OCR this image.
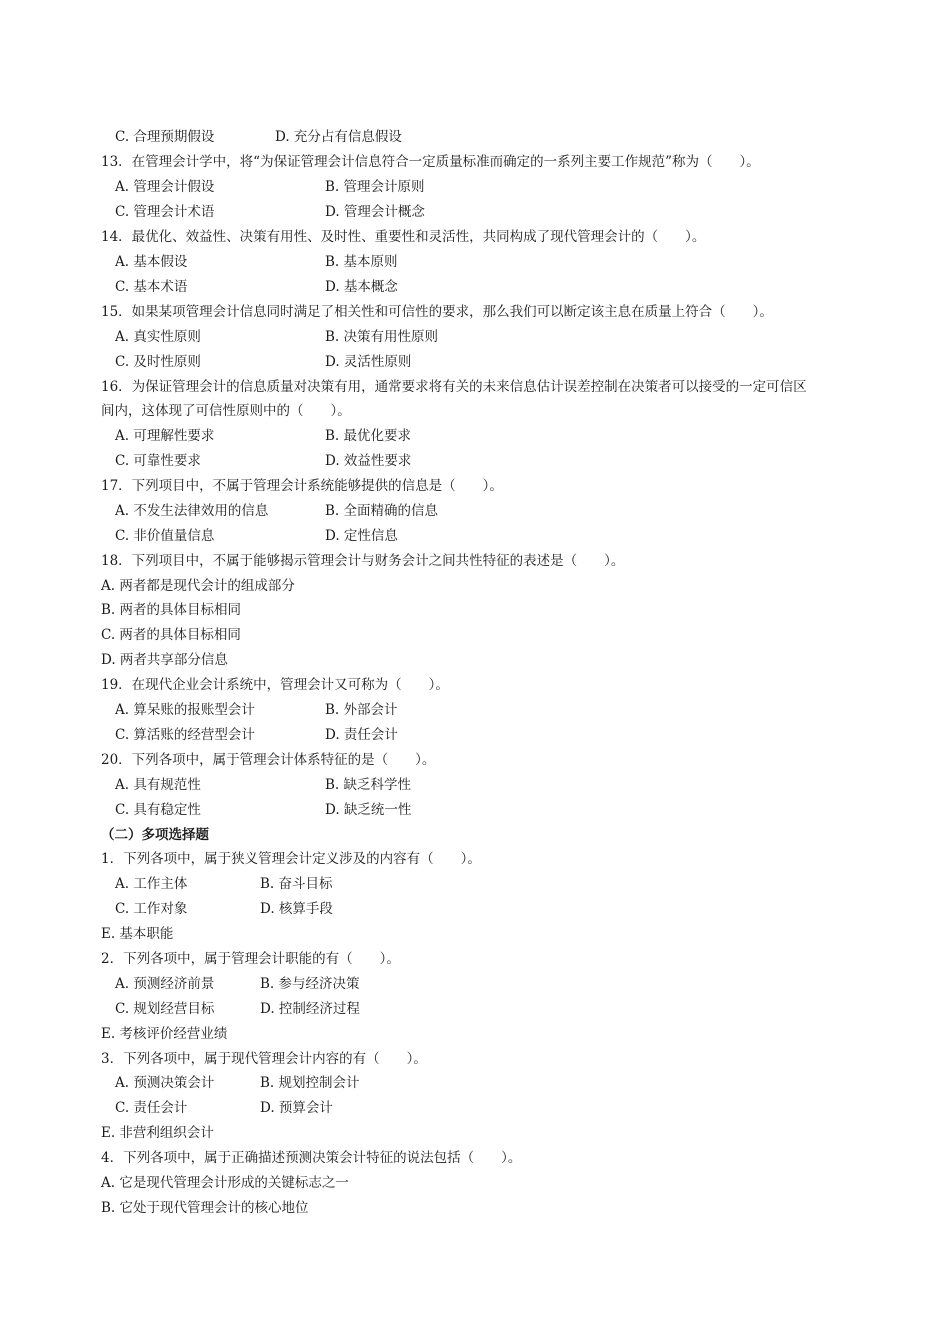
C. 合理预期假设	D. 充分占有信息假设
13．在管理会计学中，将“为保证管理会计信息符合一定质量标准而确定的一系列主要工作规范”称为（　　）。
A. 管理会计假设	B. 管理会计原则
C. 管理会计术语	D. 管理会计概念
14．最优化、效益性、决策有用性、及时性、重要性和灵活性，共同构成了现代管理会计的（　　）。
A. 基本假设	B. 基本原则
C. 基本术语	D. 基本概念
15．如果某项管理会计信息同时满足了相关性和可信性的要求，那么我们可以断定该主息在质量上符合（　　）。
A. 真实性原则	B. 决策有用性原则
C. 及时性原则	D. 灵活性原则
16．为保证管理会计的信息质量对决策有用，通常要求将有关的未来信息估计误差控制在决策者可以接受的一定可信区
间内，这体现了可信性原则中的（　　）。
A. 可理解性要求	B. 最优化要求
C. 可靠性要求	D. 效益性要求
17．下列项目中，不属于管理会计系统能够提供的信息是（　　）。
A. 不发生法律效用的信息	B. 全面精确的信息
C. 非价值量信息	D. 定性信息
18．下列项目中，不属于能够揭示管理会计与财务会计之间共性特征的表述是（　　）。
A. 两者都是现代会计的组成部分
B. 两者的具体目标相同
C. 两者的具体目标相同
D. 两者共享部分信息
19．在现代企业会计系统中，管理会计又可称为（　　）。
A. 算呆账的报账型会计	B. 外部会计
C. 算活账的经营型会计	D. 责任会计
20．下列各项中，属于管理会计体系特征的是（　　）。
A. 具有规范性	B. 缺乏科学性
C. 具有稳定性	D. 缺乏统一性
（二）多项选择题
1．下列各项中，属于狭义管理会计定义涉及的内容有（　　）。
A. 工作主体	B. 奋斗目标
C. 工作对象	D. 核算手段
E. 基本职能
2．下列各项中，属于管理会计职能的有（　　）。
A. 预测经济前景	B. 参与经济决策
C. 规划经营目标	D. 控制经济过程
E. 考核评价经营业绩
3．下列各项中，属于现代管理会计内容的有（　　）。
A. 预测决策会计	B. 规划控制会计
C. 责任会计	D. 预算会计
E. 非营利组织会计
4．下列各项中，属于正确描述预测决策会计特征的说法包括（　　）。
A. 它是现代管理会计形成的关键标志之一
B. 它处于现代管理会计的核心地位
